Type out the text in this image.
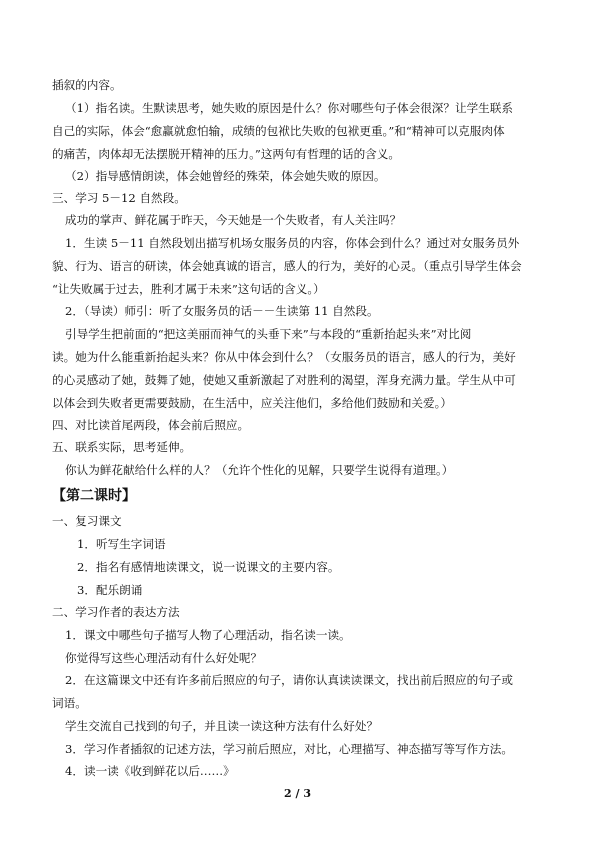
插叙的内容。
（1）指名读。生默读思考，她失败的原因是什么？你对哪些句子体会很深？让学生联系
自己的实际，体会“愈赢就愈怕输，成绩的包袱比失败的包袱更重。”和“精神可以克服肉体
的痛苦，肉体却无法摆脱开精神的压力。”这两句有哲理的话的含义。
（2）指导感情朗读，体会她曾经的殊荣，体会她失败的原因。
三、学习 5－12 自然段。
成功的掌声、鲜花属于昨天，今天她是一个失败者，有人关注吗？
1．生读 5－11 自然段划出描写机场女服务员的内容，你体会到什么？通过对女服务员外
貌、行为、语言的研读，体会她真诚的语言，感人的行为，美好的心灵。（重点引导学生体会
“让失败属于过去，胜利才属于未来”这句话的含义。）
2．（导读）师引：听了女服务员的话－－生读第 11 自然段。
引导学生把前面的“把这美丽而神气的头垂下来”与本段的“重新抬起头来”对比阅
读。她为什么能重新抬起头来？你从中体会到什么？（女服务员的语言，感人的行为，美好
的心灵感动了她，鼓舞了她，使她又重新激起了对胜利的渴望，浑身充满力量。学生从中可
以体会到失败者更需要鼓励，在生活中，应关注他们，多给他们鼓励和关爱。）
四、对比读首尾两段，体会前后照应。
五、联系实际，思考延伸。
你认为鲜花献给什么样的人？（允许个性化的见解，只要学生说得有道理。）
【第二课时】
一、复习课文
1．听写生字词语
2．指名有感情地读课文，说一说课文的主要内容。
3．配乐朗诵
二、学习作者的表达方法
1．课文中哪些句子描写人物了心理活动，指名读一读。
你觉得写这些心理活动有什么好处呢？
2．在这篇课文中还有许多前后照应的句子，请你认真读读课文，找出前后照应的句子或
词语。
学生交流自己找到的句子，并且读一读这种方法有什么好处？
3．学习作者插叙的记述方法，学习前后照应，对比，心理描写、神态描写等写作方法。
4．读一读《收到鲜花以后……》
2 / 3
